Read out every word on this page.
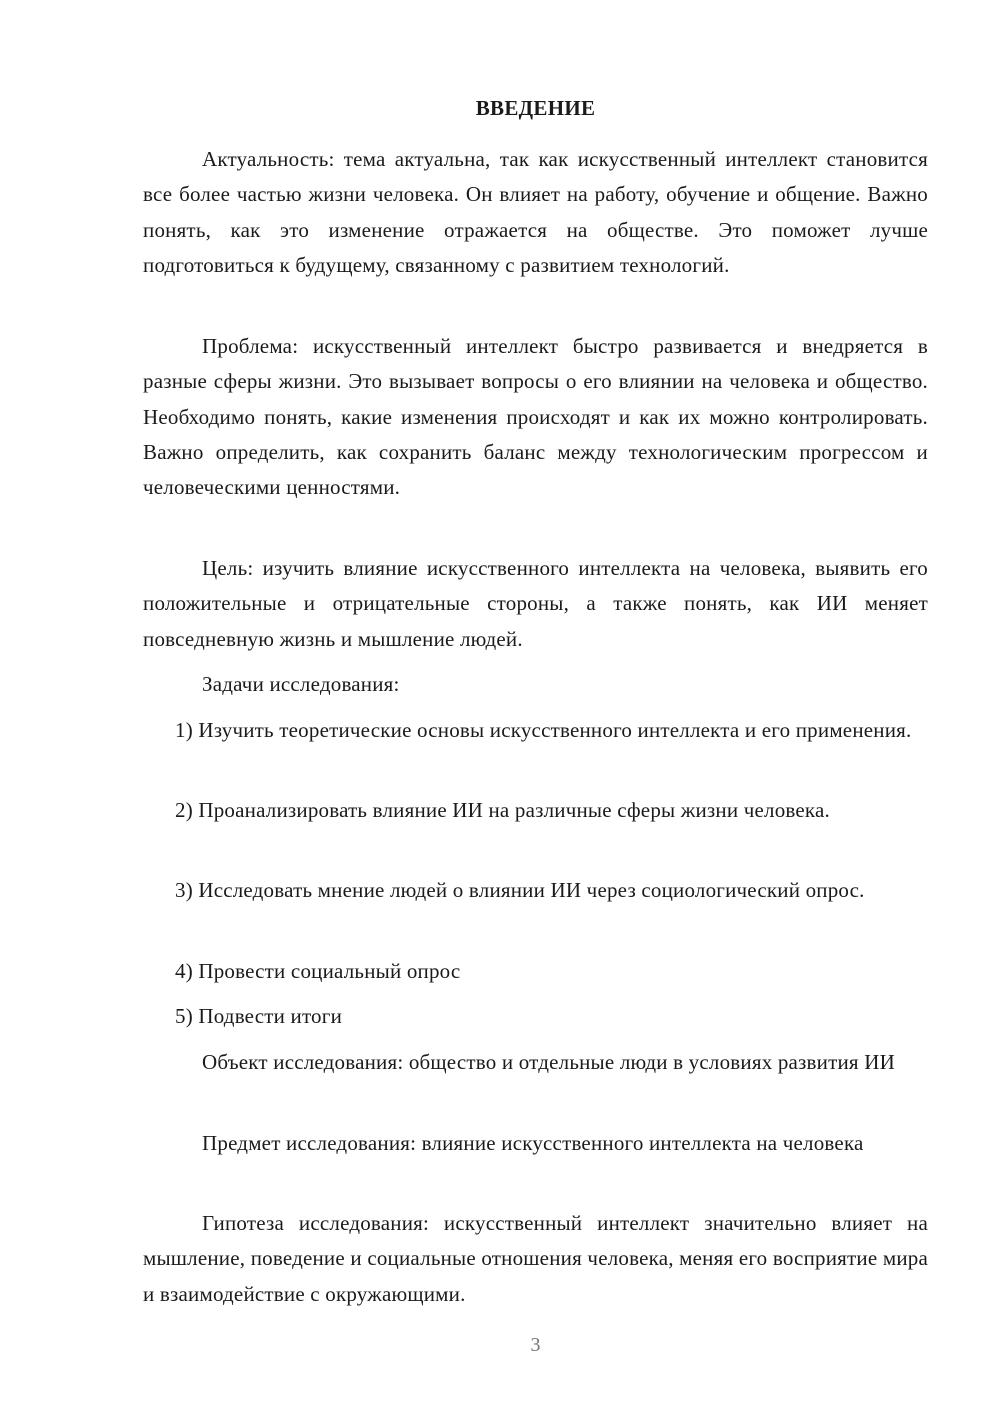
ВВЕДЕНИЕ

Актуальность: тема актуальна, так как искусственный интеллект становится все более частью жизни человека. Он влияет на работу, обучение и общение. Важно понять, как это изменение отражается на обществе. Это поможет лучше подготовиться к будущему, связанному с развитием технологий.

Проблема: искусственный интеллект быстро развивается и внедряется в разные сферы жизни. Это вызывает вопросы о его влиянии на человека и общество. Необходимо понять, какие изменения происходят и как их можно контролировать. Важно определить, как сохранить баланс между технологическим прогрессом и человеческими ценностями.

Цель: изучить влияние искусственного интеллекта на человека, выявить его положительные и отрицательные стороны, а также понять, как ИИ меняет повседневную жизнь и мышление людей.

Задачи исследования:

1) Изучить теоретические основы искусственного интеллекта и его применения.

2) Проанализировать влияние ИИ на различные сферы жизни человека.

3) Исследовать мнение людей о влиянии ИИ через социологический опрос.

4) Провести социальный опрос

5) Подвести итоги

Объект исследования: общество и отдельные люди в условиях развития ИИ

Предмет исследования: влияние искусственного интеллекта на человека

Гипотеза исследования: искусственный интеллект значительно влияет на мышление, поведение и социальные отношения человека, меняя его восприятие мира и взаимодействие с окружающими.

3
